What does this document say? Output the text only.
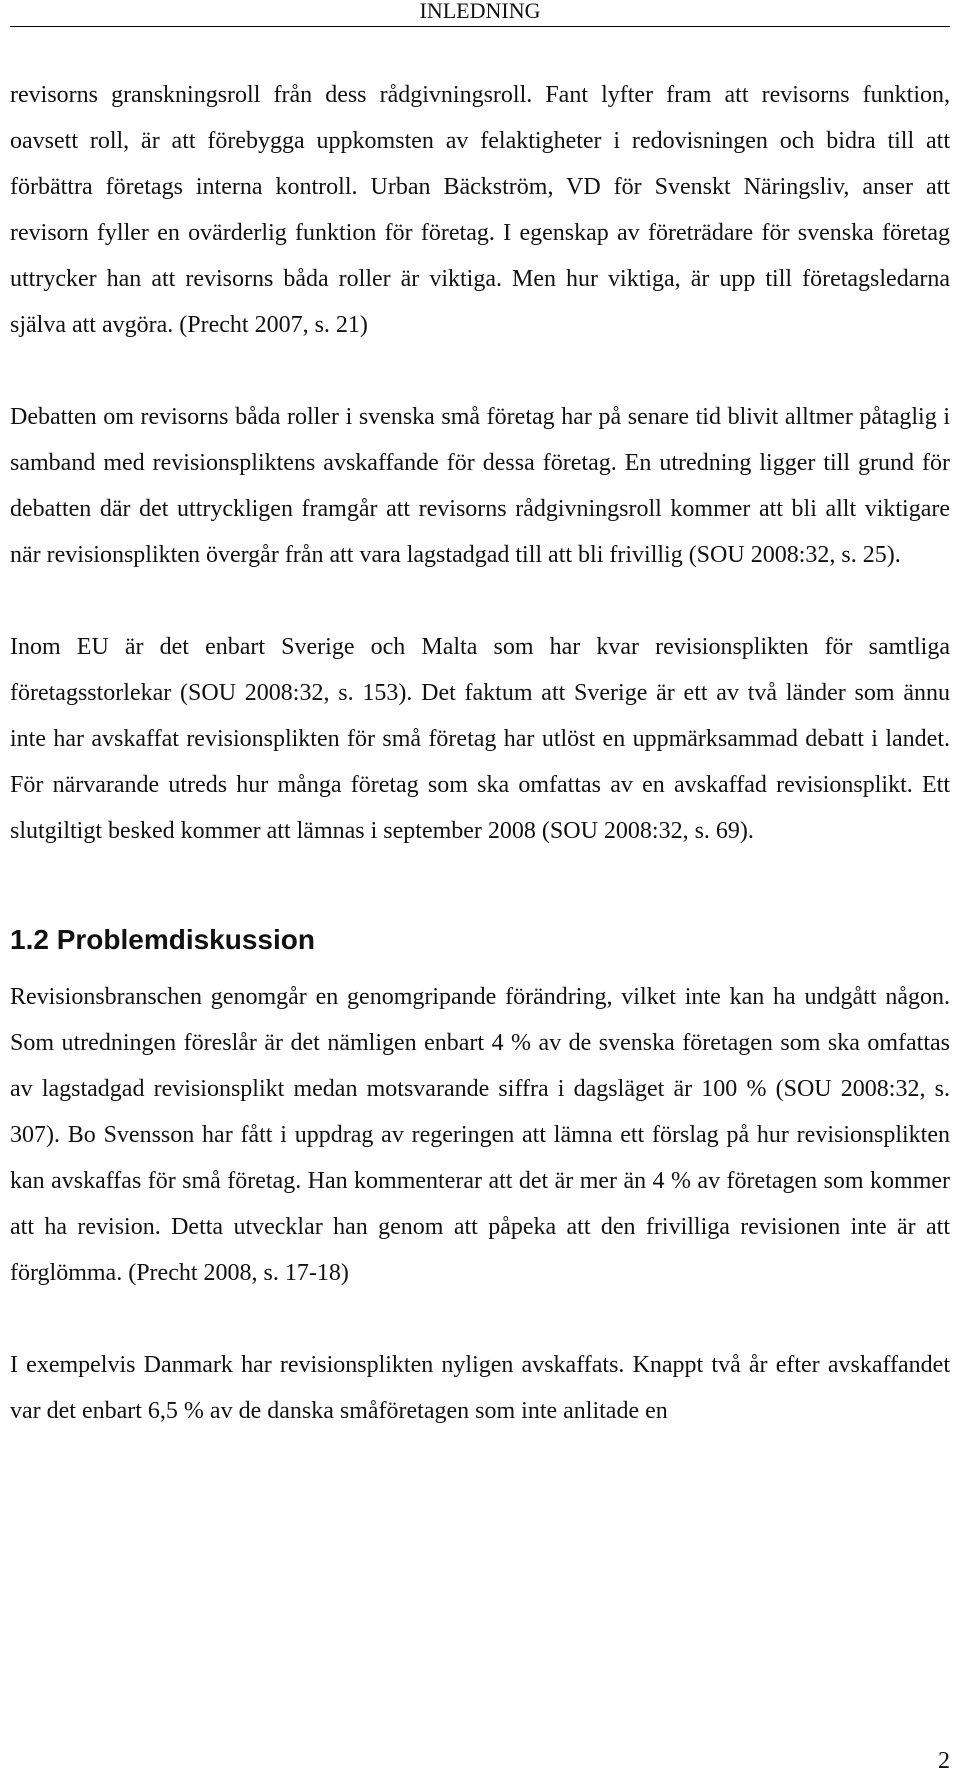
INLEDNING

revisorns granskningsroll från dess rådgivningsroll. Fant lyfter fram att revisorns funktion, oavsett roll, är att förebygga uppkomsten av felaktigheter i redovisningen och bidra till att förbättra företags interna kontroll. Urban Bäckström, VD för Svenskt Näringsliv, anser att revisorn fyller en ovärderlig funktion för företag. I egenskap av företrädare för svenska företag uttrycker han att revisorns båda roller är viktiga. Men hur viktiga, är upp till företagsledarna själva att avgöra. (Precht 2007, s. 21)

Debatten om revisorns båda roller i svenska små företag har på senare tid blivit alltmer påtaglig i samband med revisionspliktens avskaffande för dessa företag. En utredning ligger till grund för debatten där det uttryckligen framgår att revisorns rådgivningsroll kommer att bli allt viktigare när revisionsplikten övergår från att vara lagstadgad till att bli frivillig (SOU 2008:32, s. 25).

Inom EU är det enbart Sverige och Malta som har kvar revisionsplikten för samtliga företagsstorlekar (SOU 2008:32, s. 153). Det faktum att Sverige är ett av två länder som ännu inte har avskaffat revisionsplikten för små företag har utlöst en uppmärksammad debatt i landet. För närvarande utreds hur många företag som ska omfattas av en avskaffad revisionsplikt. Ett slutgiltigt besked kommer att lämnas i september 2008 (SOU 2008:32, s. 69).

1.2 Problemdiskussion

Revisionsbranschen genomgår en genomgripande förändring, vilket inte kan ha undgått någon. Som utredningen föreslår är det nämligen enbart 4 % av de svenska företagen som ska omfattas av lagstadgad revisionsplikt medan motsvarande siffra i dagsläget är 100 % (SOU 2008:32, s. 307). Bo Svensson har fått i uppdrag av regeringen att lämna ett förslag på hur revisionsplikten kan avskaffas för små företag. Han kommenterar att det är mer än 4 % av företagen som kommer att ha revision. Detta utvecklar han genom att påpeka att den frivilliga revisionen inte är att förglömma. (Precht 2008, s. 17-18)

I exempelvis Danmark har revisionsplikten nyligen avskaffats. Knappt två år efter avskaffandet var det enbart 6,5 % av de danska småföretagen som inte anlitade en

2
